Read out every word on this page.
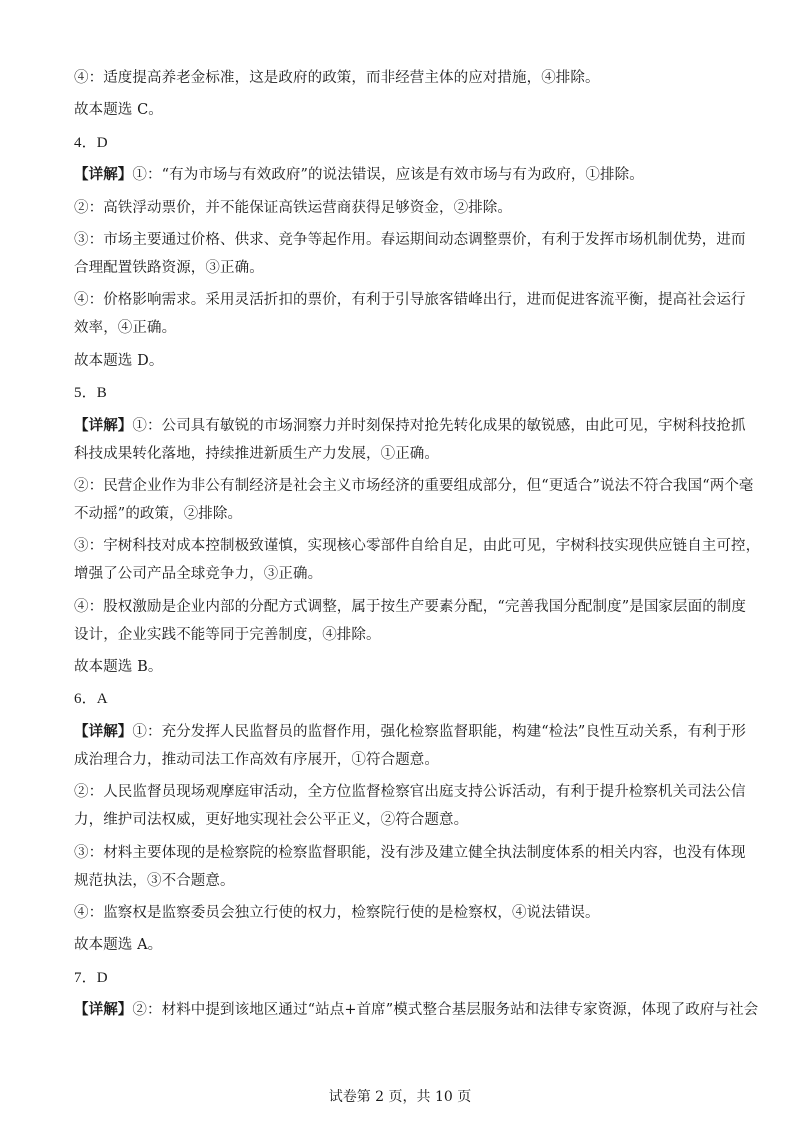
④：适度提高养老金标准，这是政府的政策，而非经营主体的应对措施，④排除。
故本题选 C。
4．D
【详解】①：“有为市场与有效政府”的说法错误，应该是有效市场与有为政府，①排除。
②：高铁浮动票价，并不能保证高铁运营商获得足够资金，②排除。
③：市场主要通过价格、供求、竞争等起作用。春运期间动态调整票价，有利于发挥市场机制优势，进而
合理配置铁路资源，③正确。
④：价格影响需求。采用灵活折扣的票价，有利于引导旅客错峰出行，进而促进客流平衡，提高社会运行
效率，④正确。
故本题选 D。
5．B
【详解】①：公司具有敏锐的市场洞察力并时刻保持对抢先转化成果的敏锐感，由此可见，宇树科技抢抓
科技成果转化落地，持续推进新质生产力发展，①正确。
②：民营企业作为非公有制经济是社会主义市场经济的重要组成部分，但“更适合”说法不符合我国“两个毫
不动摇”的政策，②排除。
③：宇树科技对成本控制极致谨慎，实现核心零部件自给自足，由此可见，宇树科技实现供应链自主可控，
增强了公司产品全球竞争力，③正确。
④：股权激励是企业内部的分配方式调整，属于按生产要素分配，“完善我国分配制度”是国家层面的制度
设计，企业实践不能等同于完善制度，④排除。
故本题选 B。
6．A
【详解】①：充分发挥人民监督员的监督作用，强化检察监督职能，构建“检法”良性互动关系，有利于形
成治理合力，推动司法工作高效有序展开，①符合题意。
②：人民监督员现场观摩庭审活动，全方位监督检察官出庭支持公诉活动，有利于提升检察机关司法公信
力，维护司法权威，更好地实现社会公平正义，②符合题意。
③：材料主要体现的是检察院的检察监督职能，没有涉及建立健全执法制度体系的相关内容，也没有体现
规范执法，③不合题意。
④：监察权是监察委员会独立行使的权力，检察院行使的是检察权，④说法错误。
故本题选 A。
7．D
【详解】②：材料中提到该地区通过“站点+首席”模式整合基层服务站和法律专家资源，体现了政府与社会
试卷第 2 页，共 10 页
